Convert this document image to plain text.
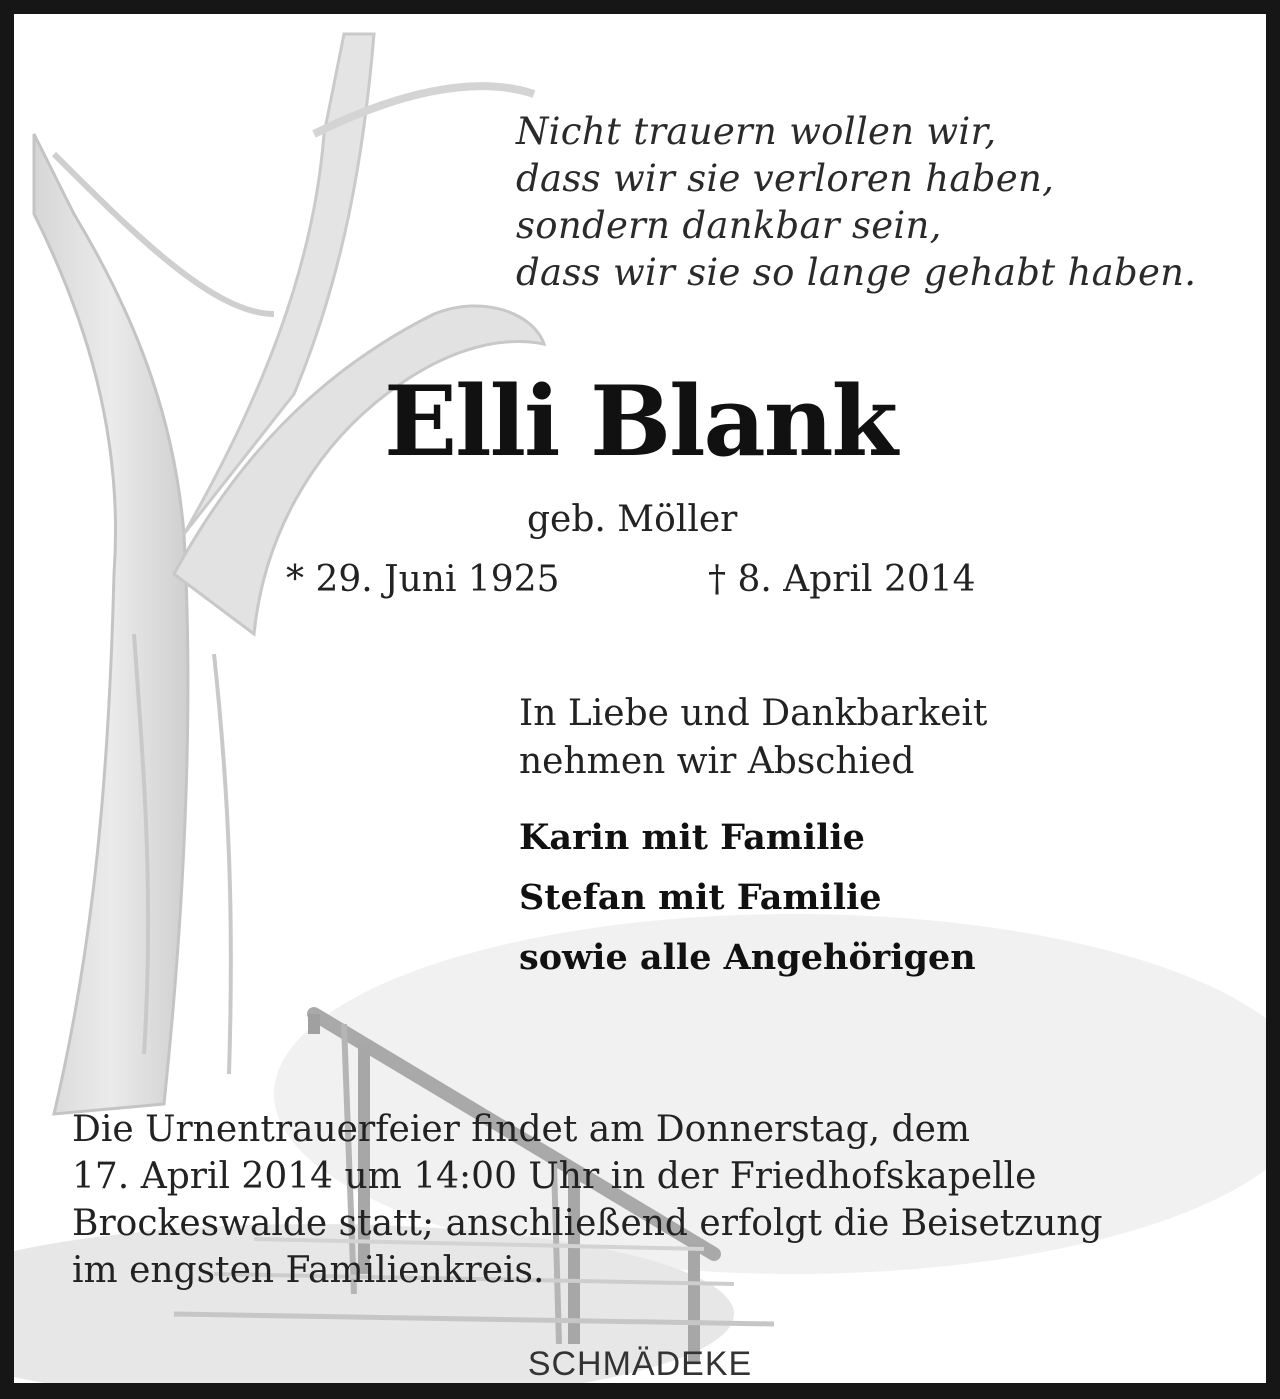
Nicht trauern wollen wir,
dass wir sie verloren haben,
sondern dankbar sein,
dass wir sie so lange gehabt haben.
Elli Blank
geb. Möller
* 29. Juni 1925	† 8. April 2014
In Liebe und Dankbarkeit
nehmen wir Abschied
Karin mit Familie
Stefan mit Familie
sowie alle Angehörigen
Die Urnentrauerfeier findet am Donnerstag, dem
17. April 2014 um 14:00 Uhr in der Friedhofskapelle
Brockeswalde statt; anschließend erfolgt die Beisetzung
im engsten Familienkreis.
SCHMÄDEKE
BESTATTUNGEN
